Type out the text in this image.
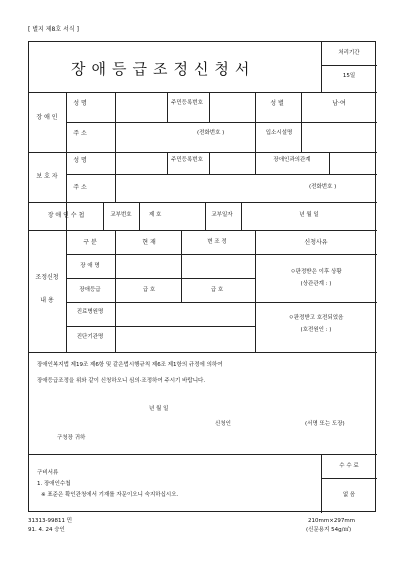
[ 별지 제8호 서식 ]
장애등급조정신청서
처리기간
15일
장 애 인
성 명	주민등록번호	성 별	남·여
주 소	(전화번호 )	입소시설명
보 호 자
성 명	주민등록번호	장애인과의관계
주 소	(전화번호 )
장 애 인 수 첩	교부번호	제 호	교부일자	년 월 일
조정신청
내 용
구 분	현 재	변 조 정	신청사유
장 애 명
장애등급	급 호	급 호
진료병원명
진단기관명
ㅇ판정받은 이후 상황
(상관관계 : )
ㅇ판정받고 호전되었음
(호전원인 : )
장애인복지법 제19조 제6항 및 같은법시행규칙 제6조 제1항의 규정에 의하여
장애등급조정을 위와 같이 신청하오니 심의·조정하여 주시기 바랍니다.
년 월 일
신청인	(서명 또는 도장)
구청장 귀하
구비서류
1. 장애인수첩
※ 표준은 확인관청에서 기재를 자문이오니 숙지하십시오.
수 수 료
없 음
31313-99811 민
91. 4. 24 승인
210mm×297mm
(신문용지 54g/㎡)
